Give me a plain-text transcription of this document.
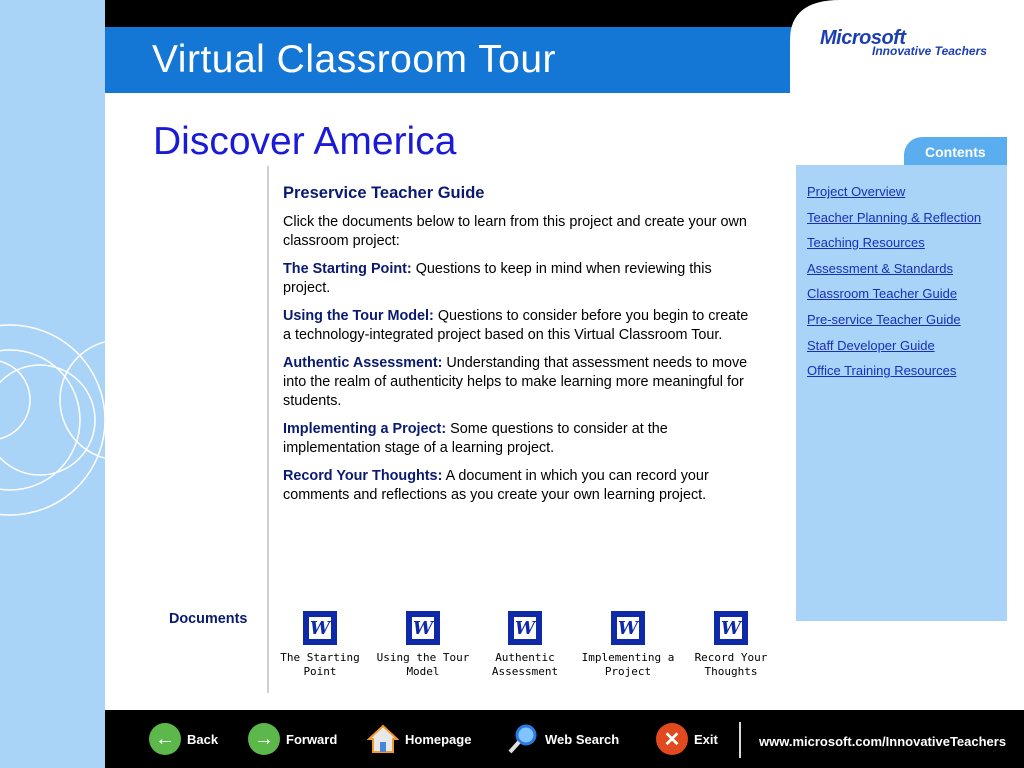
Virtual Classroom Tour	Microsoft
Innovative Teachers
Discover America
Preservice Teacher Guide

Click the documents below to learn from this project and create your own classroom project:

The Starting Point: Questions to keep in mind when reviewing this project.

Using the Tour Model: Questions to consider before you begin to create a technology-integrated project based on this Virtual Classroom Tour.

Authentic Assessment: Understanding that assessment needs to move into the realm of authenticity helps to make learning more meaningful for students.

Implementing a Project: Some questions to consider at the implementation stage of a learning project.

Record Your Thoughts: A document in which you can record your comments and reflections as you create your own learning project.

Documents	W
The Starting
Point
W
Using the Tour
Model
W
Authentic
Assessment
W
Implementing a
Project
W
Record Your
Thoughts
Contents
Project Overview
Teacher Planning & Reflection
Teaching Resources
Assessment & Standards
Classroom Teacher Guide
Pre-service Teacher Guide
Staff Developer Guide
Office Training Resources
← Back	→ Forward	Homepage	Web Search	✕	Exit	www.microsoft.com/InnovativeTeachers
